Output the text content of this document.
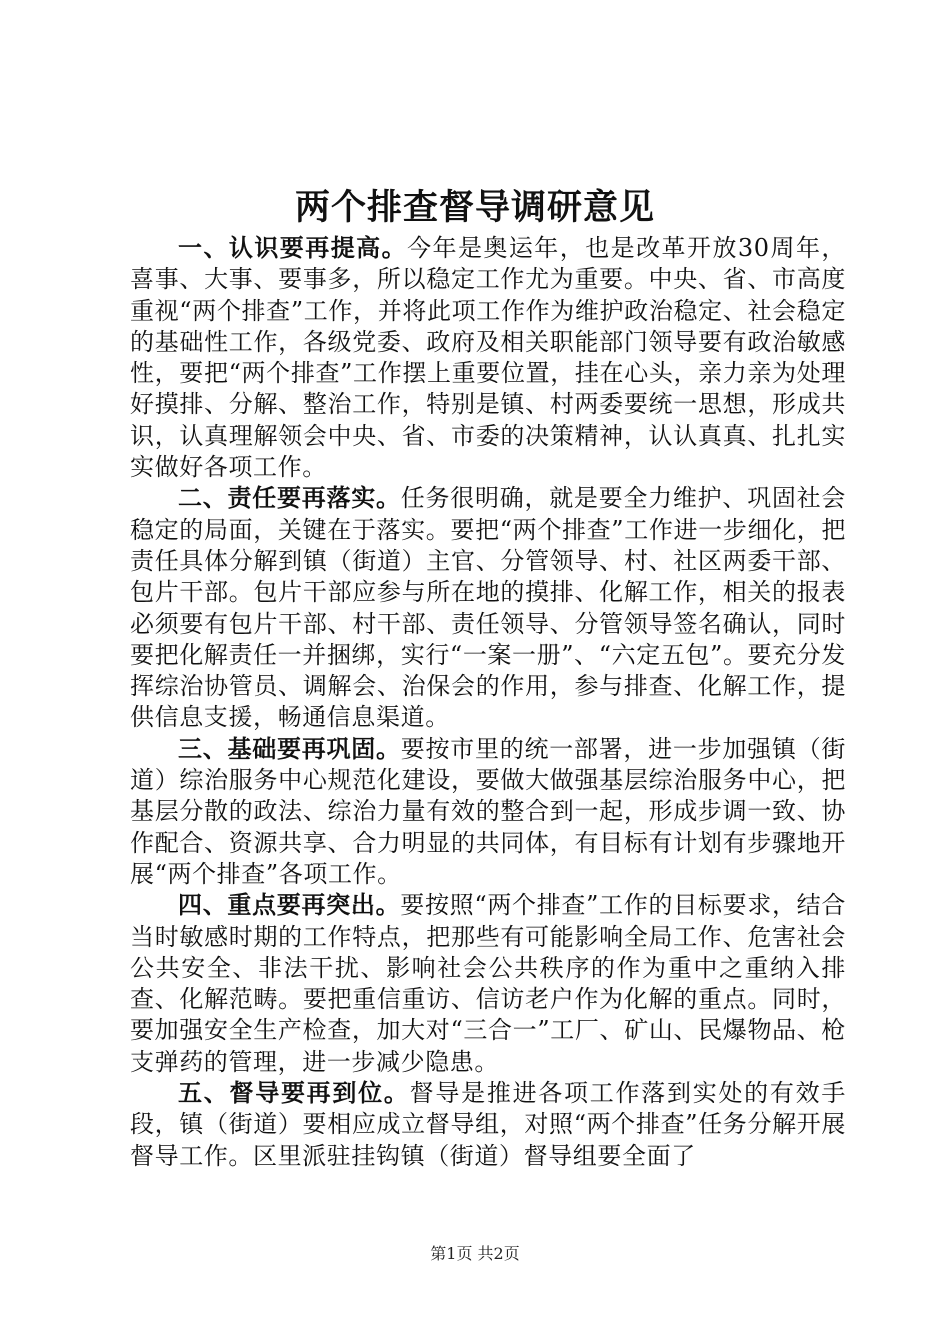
两个排查督导调研意见

一、认识要再提高。今年是奥运年，也是改革开放30周年，喜事、大事、要事多，所以稳定工作尤为重要。中央、省、市高度重视“两个排查”工作，并将此项工作作为维护政治稳定、社会稳定的基础性工作，各级党委、政府及相关职能部门领导要有政治敏感性，要把“两个排查”工作摆上重要位置，挂在心头，亲力亲为处理好摸排、分解、整治工作，特别是镇、村两委要统一思想，形成共识，认真理解领会中央、省、市委的决策精神，认认真真、扎扎实实做好各项工作。

二、责任要再落实。任务很明确，就是要全力维护、巩固社会稳定的局面，关键在于落实。要把“两个排查”工作进一步细化，把责任具体分解到镇（街道）主官、分管领导、村、社区两委干部、包片干部。包片干部应参与所在地的摸排、化解工作，相关的报表必须要有包片干部、村干部、责任领导、分管领导签名确认，同时要把化解责任一并捆绑，实行“一案一册”、“六定五包”。要充分发挥综治协管员、调解会、治保会的作用，参与排查、化解工作，提供信息支援，畅通信息渠道。

三、基础要再巩固。要按市里的统一部署，进一步加强镇（街道）综治服务中心规范化建设，要做大做强基层综治服务中心，把基层分散的政法、综治力量有效的整合到一起，形成步调一致、协作配合、资源共享、合力明显的共同体，有目标有计划有步骤地开展“两个排查”各项工作。

四、重点要再突出。要按照“两个排查”工作的目标要求，结合当时敏感时期的工作特点，把那些有可能影响全局工作、危害社会公共安全、非法干扰、影响社会公共秩序的作为重中之重纳入排查、化解范畴。要把重信重访、信访老户作为化解的重点。同时，要加强安全生产检查，加大对“三合一”工厂、矿山、民爆物品、枪支弹药的管理，进一步减少隐患。

五、督导要再到位。督导是推进各项工作落到实处的有效手段，镇（街道）要相应成立督导组，对照“两个排查”任务分解开展督导工作。区里派驻挂钩镇（街道）督导组要全面了

第1页 共2页
